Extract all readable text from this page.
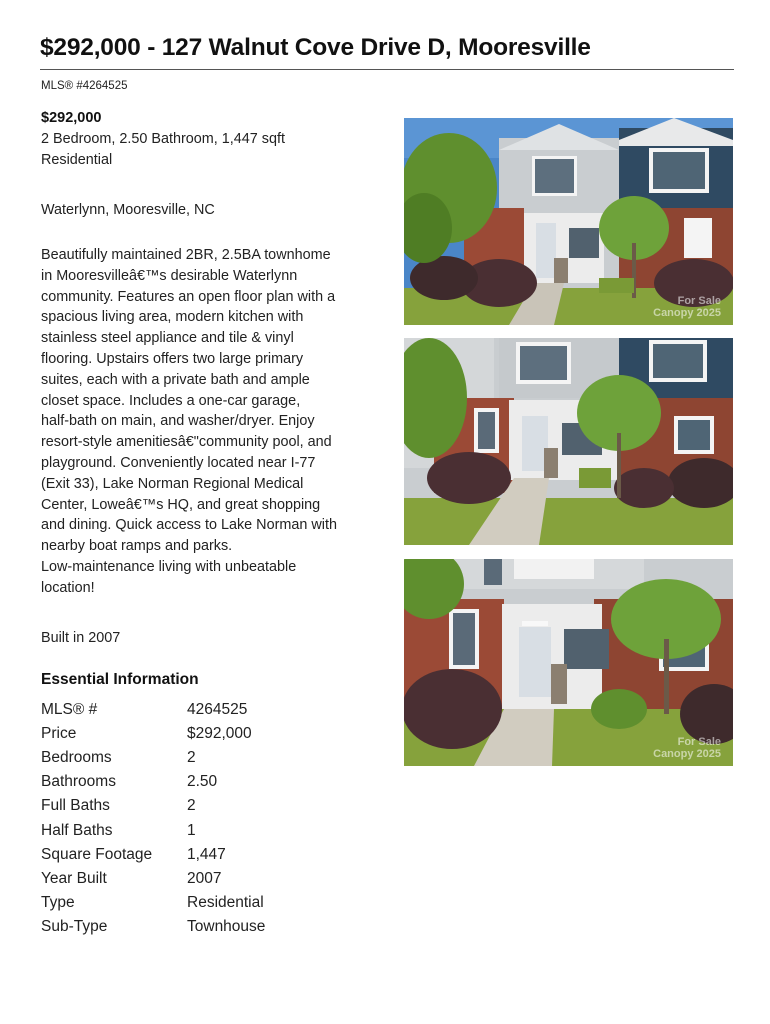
$292,000 - 127 Walnut Cove Drive D, Mooresville
MLS® #4264525
$292,000
2 Bedroom, 2.50 Bathroom, 1,447 sqft
Residential
Waterlynn, Mooresville, NC
Beautifully maintained 2BR, 2.5BA townhome
in Mooresvilleâ€™s desirable Waterlynn
community. Features an open floor plan with a
spacious living area, modern kitchen with
stainless steel appliance and tile & vinyl
flooring. Upstairs offers two large primary
suites, each with a private bath and ample
closet space. Includes a one-car garage,
half-bath on main, and washer/dryer. Enjoy
resort-style amenitiesâ€"community pool, and
playground. Conveniently located near I-77
(Exit 33), Lake Norman Regional Medical
Center, Loweâ€™s HQ, and great shopping
and dining. Quick access to Lake Norman with
nearby boat ramps and parks.
Low-maintenance living with unbeatable
location!
Built in 2007
Essential Information
MLS® #	4264525
Price	$292,000
Bedrooms	2
Bathrooms	2.50
Full Baths	2
Half Baths	1
Square Footage 1,447
Year Built	2007
Type	Residential
Sub-Type	Townhouse
For Sale
Canopy 2025
For Sale
Canopy 2025
